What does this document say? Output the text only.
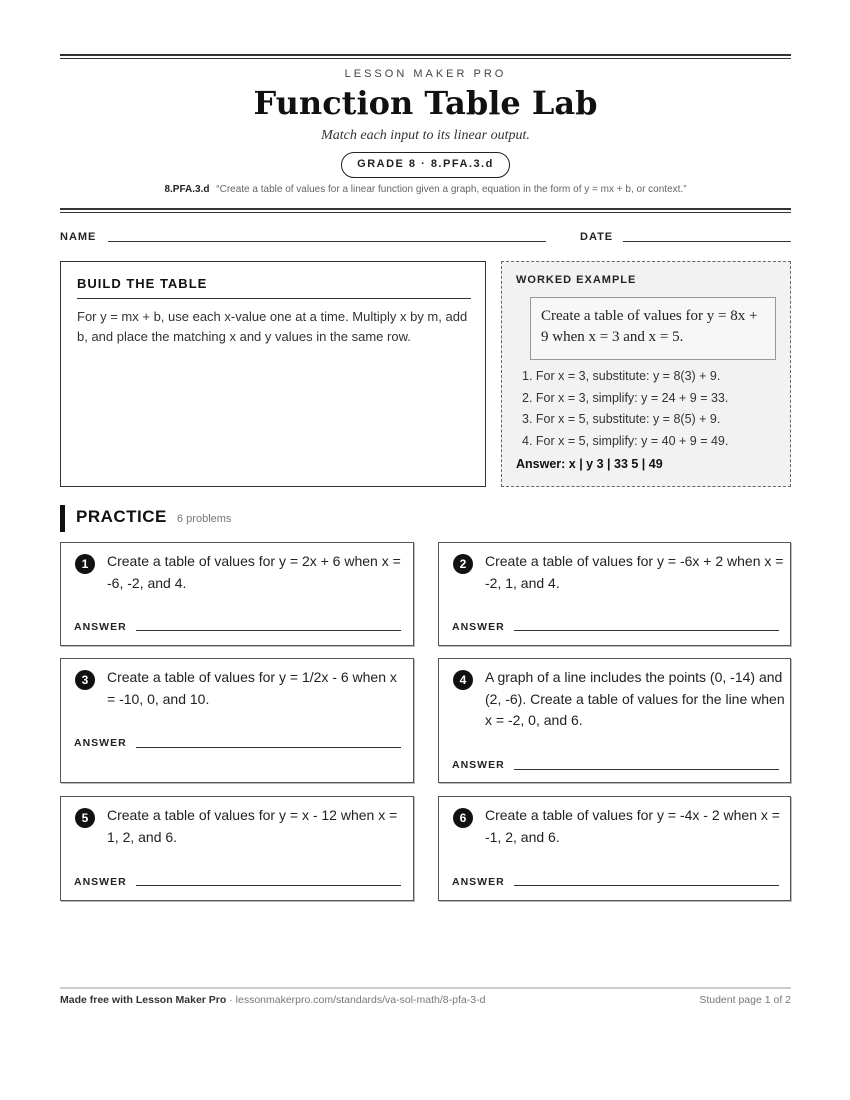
LESSON MAKER PRO
Function Table Lab
Match each input to its linear output.
GRADE 8 · 8.PFA.3.d
8.PFA.3.d “Create a table of values for a linear function given a graph, equation in the form of y = mx + b, or context.”
NAME	DATE
BUILD THE TABLE
For y = mx + b, use each x-value one at a time. Multiply x by m, add b, and place the matching x and y values in the same row.
WORKED EXAMPLE
Create a table of values for y = 8x + 9 when x = 3 and x = 5.
1. For x = 3, substitute: y = 8(3) + 9.
2. For x = 3, simplify: y = 24 + 9 = 33.
3. For x = 5, substitute: y = 8(5) + 9.
4. For x = 5, simplify: y = 40 + 9 = 49.
Answer: x | y 3 | 33 5 | 49
PRACTICE 6 problems
1	Create a table of values for y = 2x + 6 when x = -6, -2, and 4.
ANSWER
2	Create a table of values for y = -6x + 2 when x = -2, 1, and 4.
ANSWER
3	Create a table of values for y = 1/2x - 6 when x = -10, 0, and 10.
ANSWER
4	A graph of a line includes the points (0, -14) and (2, -6). Create a table of values for the line when x = -2, 0, and 6.
ANSWER
5	Create a table of values for y = x - 12 when x = 1, 2, and 6.
ANSWER
6	Create a table of values for y = -4x - 2 when x = -1, 2, and 6.
ANSWER
Made free with Lesson Maker Pro · lessonmakerpro.com/standards/va-sol-math/8-pfa-3-d	Student page 1 of 2
